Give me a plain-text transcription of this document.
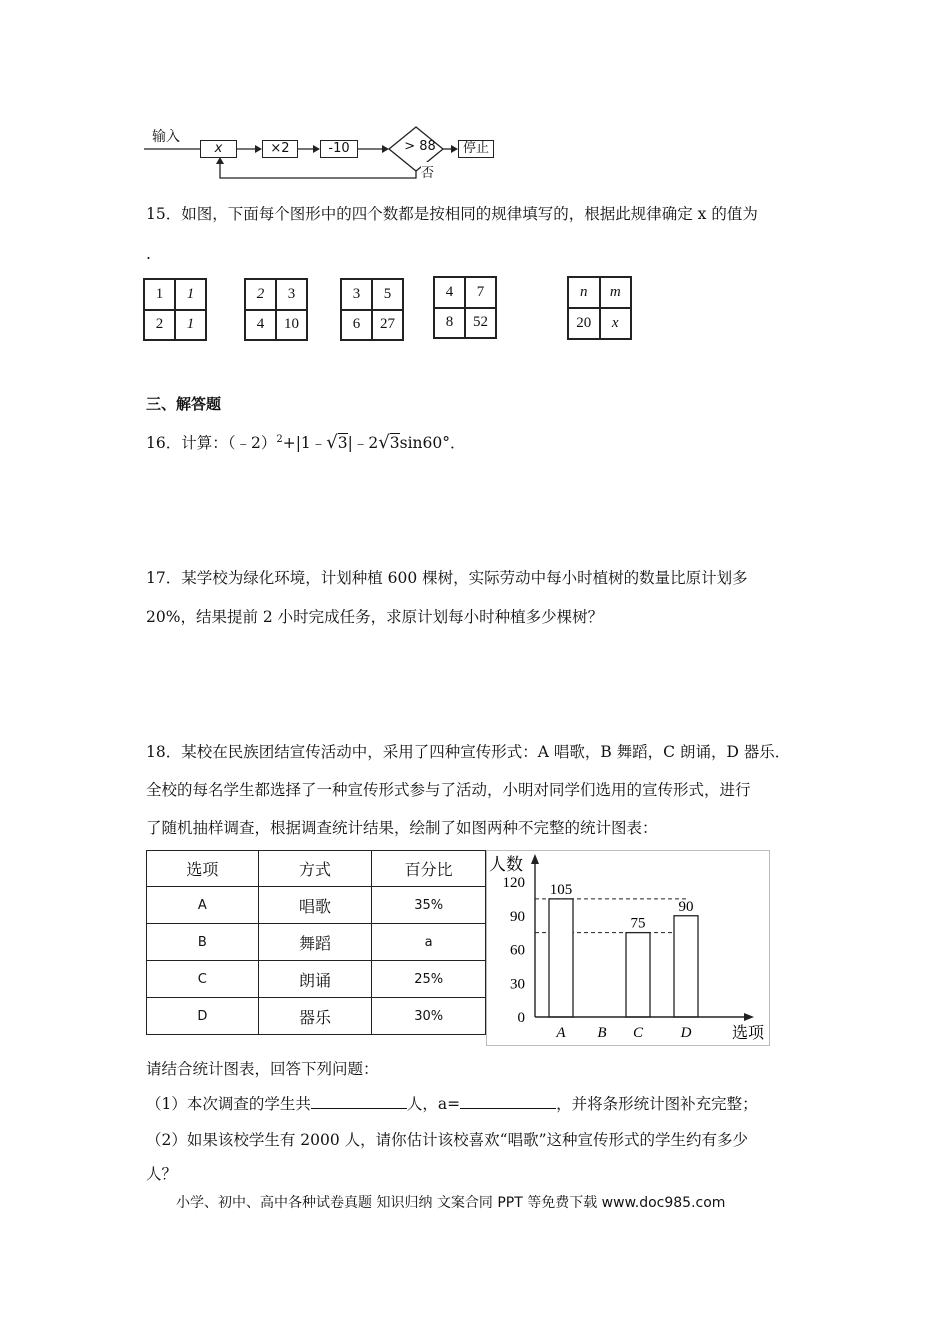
输入
x	×2	-10	> 88	停止
否
15．如图，下面每个图形中的四个数都是按相同的规律填写的，根据此规律确定 x 的值为
.
1	1
2	1
2	3
4	10
3	5
6	27
4	7
8	52
n	m
20	x
三、解答题
16．计算：（﹣2）$^2$+|1﹣√3|﹣2√3sin60°．
17．某学校为绿化环境，计划种植 600 棵树，实际劳动中每小时植树的数量比原计划多
20%，结果提前 2 小时完成任务，求原计划每小时种植多少棵树？
18．某校在民族团结宣传活动中，采用了四种宣传形式：A 唱歌，B 舞蹈，C 朗诵，D 器乐．
全校的每名学生都选择了一种宣传形式参与了活动，小明对同学们选用的宣传形式，进行
了随机抽样调查，根据调查统计结果，绘制了如图两种不完整的统计图表：
选项	方式	百分比
A	唱歌	35%
B	舞蹈	a
C	朗诵	25%
D	器乐	30%
105
75
90
0
30
60
90
120
A B C	D
人数
选项
请结合统计图表，回答下列问题：
（1）本次调查的学生共	人，a=	，并将条形统计图补充完整；
（2）如果该校学生有 2000 人，请你估计该校喜欢“唱歌”这种宣传形式的学生约有多少
人？
小学、初中、高中各种试卷真题 知识归纳 文案合同 PPT 等免费下载 www.doc985.com
